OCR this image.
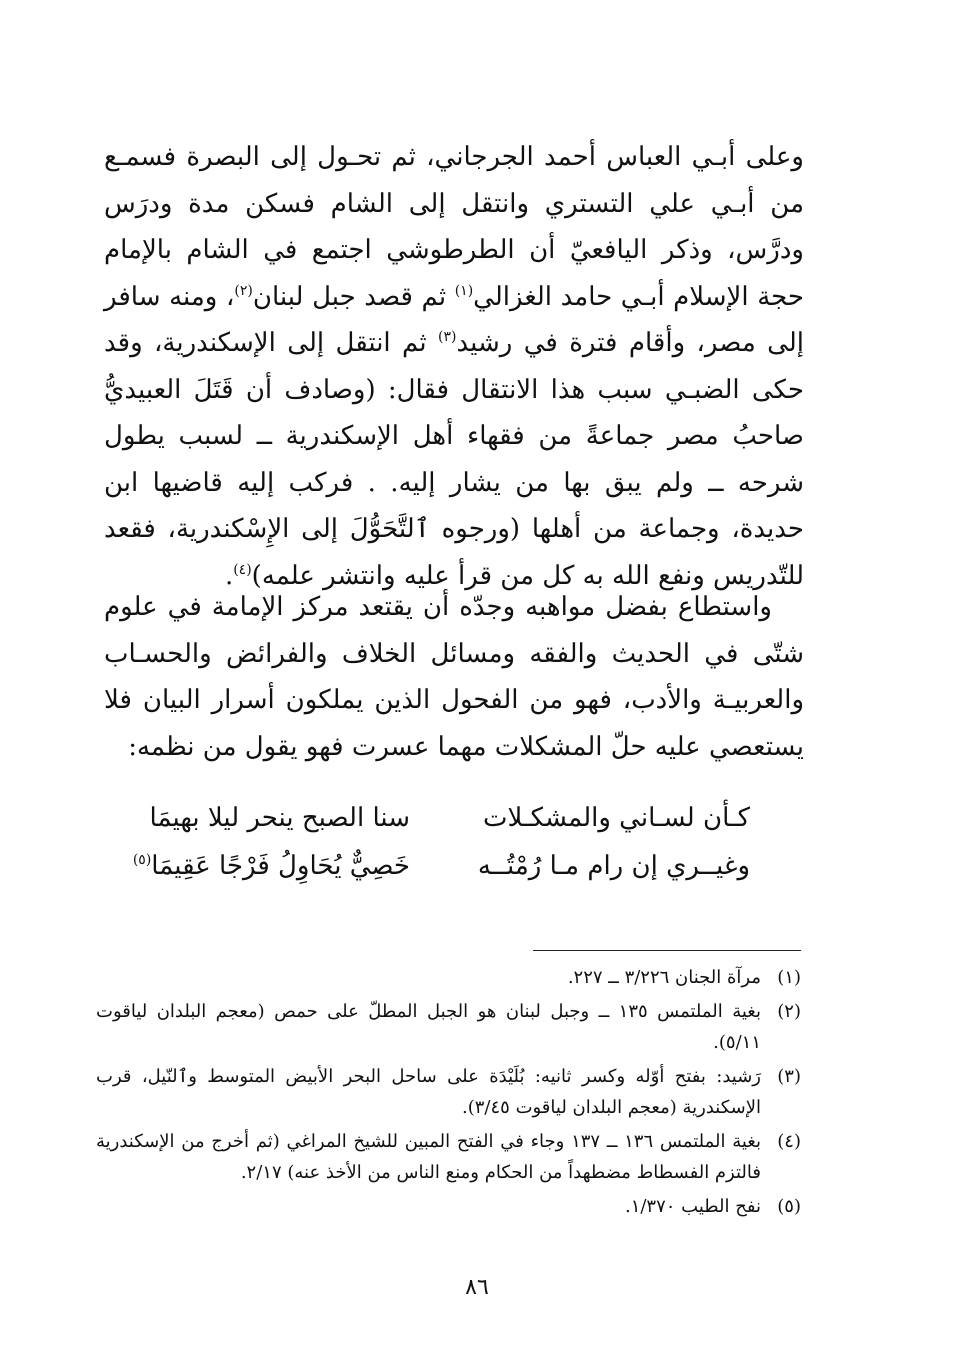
وعلى أبـي العباس أحمد الجرجاني، ثم تحـول إلى البصرة فسمـع من أبـي علي التستري وانتقل إلى الشام فسكن مدة ودرَس ودرَّس، وذكر اليافعيّ أن الطرطوشي اجتمع في الشام بالإمام حجة الإسلام أبـي حامد الغزالي$^{(١)}$ ثم قصد جبل لبنان$^{(٢)}$، ومنه سافر إلى مصر، وأقام فترة في رشيد$^{(٣)}$ ثم انتقل إلى الإسكندرية، وقد حكى الضبـي سبب هذا الانتقال فقال: (وصادف أن قَتَلَ العبيديُّ صاحبُ مصر جماعةً من فقهاء أهل الإسكندرية ــ لسبب يطول شرحه ــ ولم يبق بها من يشار إليه. . فركب إليه قاضيها ابن حديدة، وجماعة من أهلها (ورجوه ٱلتَّحَوُّلَ إلى الإِسْكندرية، فقعد للتّدريس ونفع الله به كل من قرأ عليه وانتشر علمه)$^{(٤)}$.
واستطاع بفضل مواهبه وجدّه أن يقتعد مركز الإمامة في علوم شتّى في الحديث والفقه ومسائل الخلاف والفرائض والحسـاب والعربيـة والأدب، فهو من الفحول الذين يملكون أسرار البيان فلا يستعصي عليه حلّ المشكلات مهما عسرت فهو يقول من نظمه:
كـأن لسـاني والمشكـلات
سنا الصبح ينحر ليلا بهيمَا
وغيــري إن رام مـا رُمْتُــه
خَصِيٌّ يُحَاوِلُ فَرْجًا عَقِيمَا$^{(٥)}$
(١)
مرآة الجنان ٣/٢٢٦ ــ ٢٢٧.
(٢)
بغية الملتمس ١٣٥ ــ وجبل لبنان هو الجبل المطلّ على حمص (معجم البلدان لياقوت ٥/١١).
(٣)
رَشيد: بفتح أوّله وكسر ثانيه: بُلَيْدَة على ساحل البحر الأبيض المتوسط وٱلنّيل، قرب الإسكندرية (معجم البلدان لياقوت ٣/٤٥).
(٤)
بغية الملتمس ١٣٦ ــ ١٣٧ وجاء في الفتح المبين للشيخ المراغي (ثم أخرج من الإسكندرية فالتزم الفسطاط مضطهداً من الحكام ومنع الناس من الأخذ عنه) ٢/١٧.
(٥)
نفح الطيب ١/٣٧٠.
٨٦
